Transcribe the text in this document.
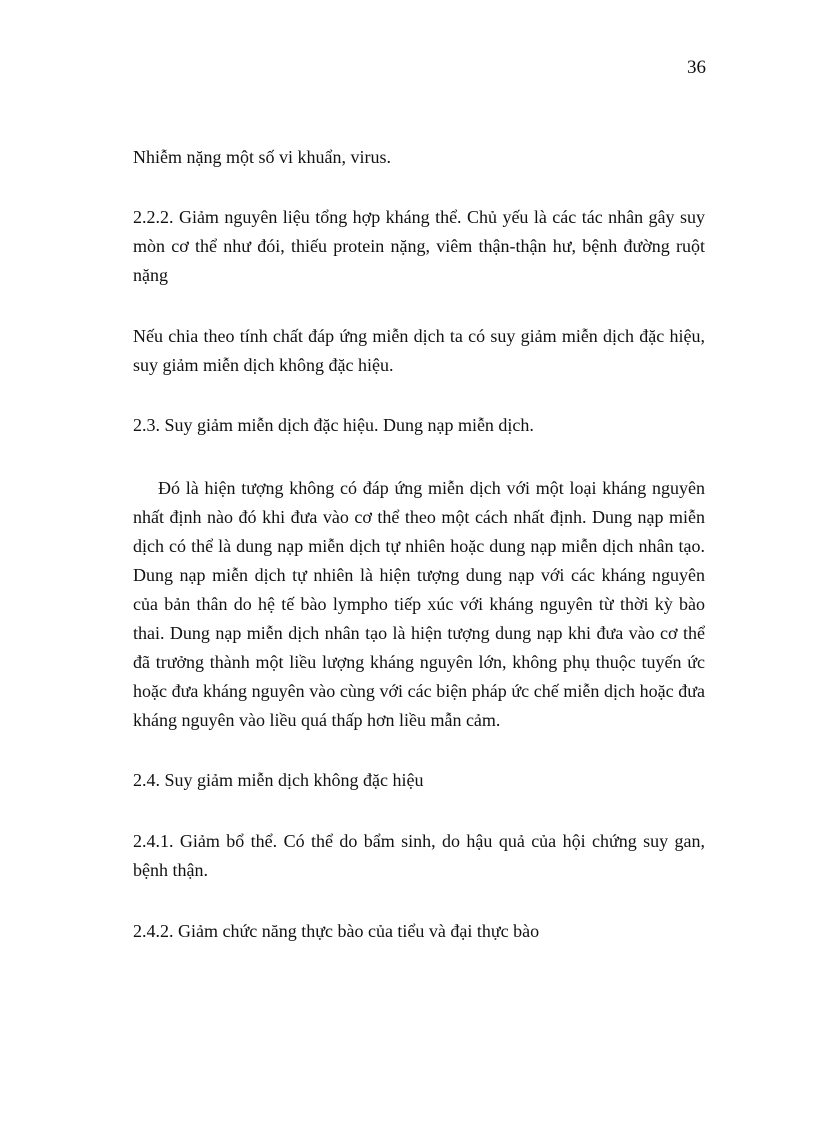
36

Nhiễm nặng một số vi khuẩn, virus.

2.2.2. Giảm nguyên liệu tổng hợp kháng thể. Chủ yếu là các tác nhân gây suy mòn cơ thể như đói, thiếu protein nặng, viêm thận-thận hư, bệnh đường ruột nặng

Nếu chia theo tính chất đáp ứng miễn dịch ta có suy giảm miễn dịch đặc hiệu, suy giảm miễn dịch không đặc hiệu.

2.3. Suy giảm miễn dịch đặc hiệu. Dung nạp miễn dịch.

Đó là hiện tượng không có đáp ứng miễn dịch với một loại kháng nguyên nhất định nào đó khi đưa vào cơ thể theo một cách nhất định. Dung nạp miễn dịch có thể là dung nạp miễn dịch tự nhiên hoặc dung nạp miễn dịch nhân tạo. Dung nạp miễn dịch tự nhiên là hiện tượng dung nạp với các kháng nguyên của bản thân do hệ tế bào lympho tiếp xúc với kháng nguyên từ thời kỳ bào thai. Dung nạp miễn dịch nhân tạo là hiện tượng dung nạp khi đưa vào cơ thể đã trưởng thành một liều lượng kháng nguyên lớn, không phụ thuộc tuyến ức hoặc đưa kháng nguyên vào cùng với các biện pháp ức chế miễn dịch hoặc đưa kháng nguyên vào liều quá thấp hơn liều mẫn cảm.

2.4. Suy giảm miễn dịch không đặc hiệu

2.4.1. Giảm bổ thể. Có thể do bẩm sinh, do hậu quả của hội chứng suy gan, bệnh thận.

2.4.2. Giảm chức năng thực bào của tiểu và đại thực bào
